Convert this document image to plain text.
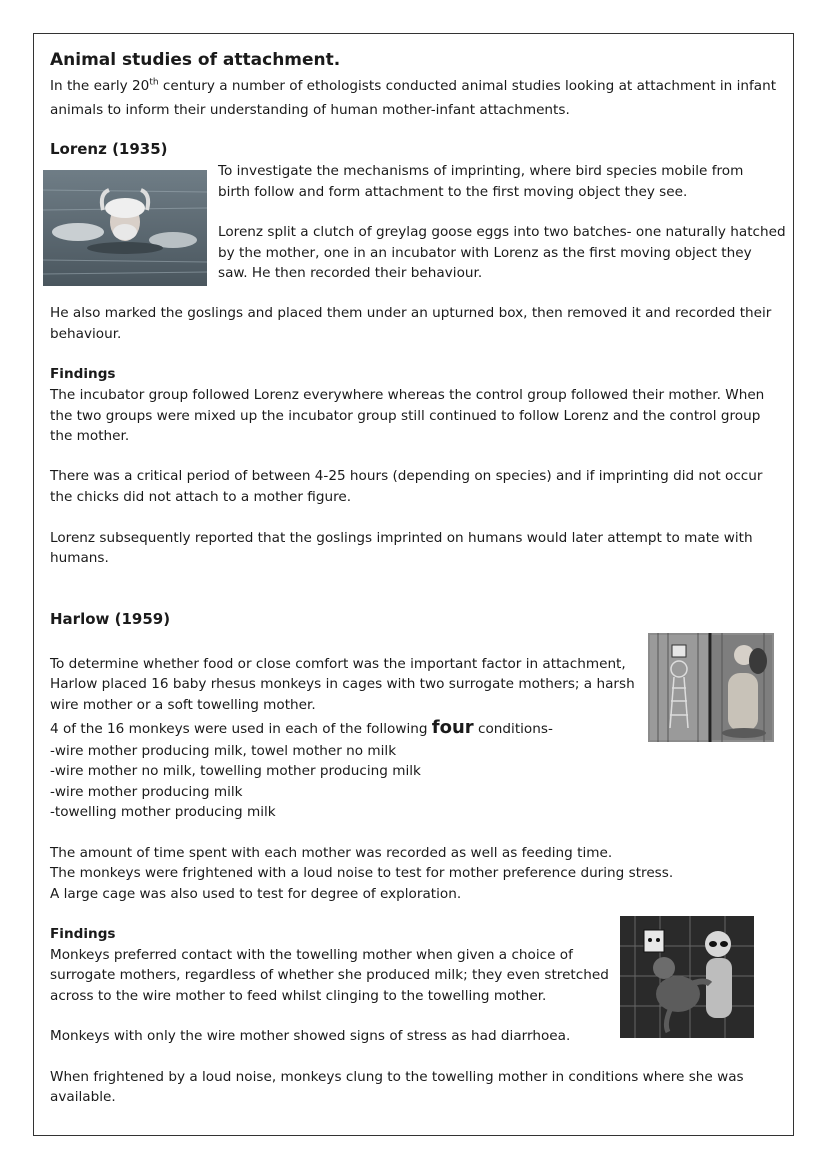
Animal studies of attachment.
In the early 20th century a number of ethologists conducted animal studies looking at attachment in infant
animals to inform their understanding of human mother-infant attachments.
Lorenz (1935)
To investigate the mechanisms of imprinting, where bird species mobile from
birth follow and form attachment to the first moving object they see.
Lorenz split a clutch of greylag goose eggs into two batches- one naturally hatched
by the mother, one in an incubator with Lorenz as the first moving object they
saw. He then recorded their behaviour.
He also marked the goslings and placed them under an upturned box, then removed it and recorded their
behaviour.
Findings
The incubator group followed Lorenz everywhere whereas the control group followed their mother. When
the two groups were mixed up the incubator group still continued to follow Lorenz and the control group
the mother.
There was a critical period of between 4-25 hours (depending on species) and if imprinting did not occur
the chicks did not attach to a mother figure.
Lorenz subsequently reported that the goslings imprinted on humans would later attempt to mate with
humans.
Harlow (1959)
To determine whether food or close comfort was the important factor in attachment,
Harlow placed 16 baby rhesus monkeys in cages with two surrogate mothers; a harsh
wire mother or a soft towelling mother.
4 of the 16 monkeys were used in each of the following four conditions-
-wire mother producing milk, towel mother no milk
-wire mother no milk, towelling mother producing milk
-wire mother producing milk
-towelling mother producing milk
The amount of time spent with each mother was recorded as well as feeding time.
The monkeys were frightened with a loud noise to test for mother preference during stress.
A large cage was also used to test for degree of exploration.
Findings
Monkeys preferred contact with the towelling mother when given a choice of
surrogate mothers, regardless of whether she produced milk; they even stretched
across to the wire mother to feed whilst clinging to the towelling mother.
Monkeys with only the wire mother showed signs of stress as had diarrhoea.
When frightened by a loud noise, monkeys clung to the towelling mother in conditions where she was
available.
